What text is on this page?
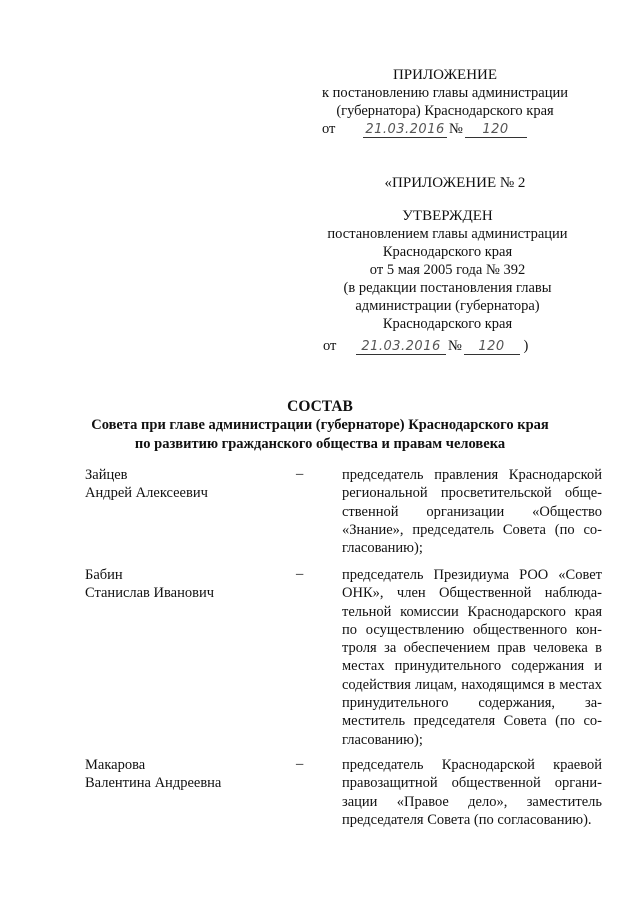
ПРИЛОЖЕНИЕ
к постановлению главы администрации
(губернатора) Краснодарского края
от 21.03.2016 № 120
«ПРИЛОЖЕНИЕ № 2
УТВЕРЖДЕН
постановлением главы администрации
Краснодарского края
от 5 мая 2005 года № 392
(в редакции постановления главы
администрации (губернатора)
Краснодарского края
от 21.03.2016 № 120 )
СОСТАВ
Совета при главе администрации (губернаторе) Краснодарского края
по развитию гражданского общества и правам человека
Зайцев
Андрей Алексеевич
–	председатель правления Краснодарской региональной просветительской общественной организации «Общество «Знание», председатель Совета (по согласованию);
Бабин
Станислав Иванович
–	председатель Президиума РОО «Совет ОНК», член Общественной наблюдательной комиссии Краснодарского края по осуществлению общественного контроля за обеспечением прав человека в местах принудительного содержания и содействия лицам, находящимся в местах принудительного содержания, заместитель председателя Совета (по согласованию);
Макарова
Валентина Андреевна
–	председатель Краснодарской краевой правозащитной общественной организации «Правое дело», заместитель председателя Совета (по согласованию).
